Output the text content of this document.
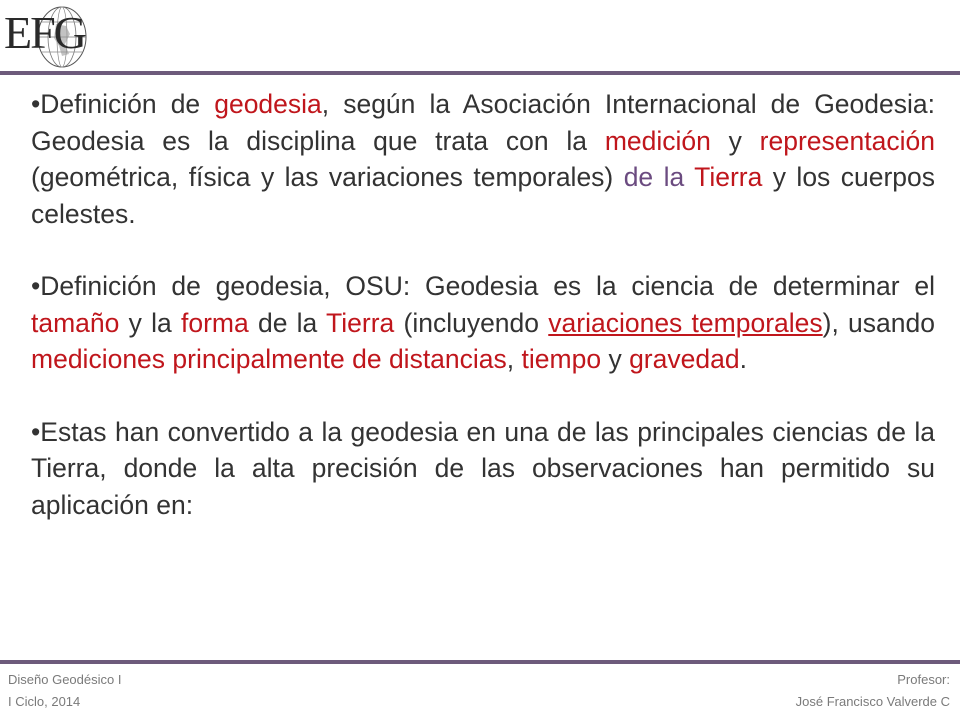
EFG

•Definición de geodesia, según la Asociación Internacional de Geodesia: Geodesia es la disciplina que trata con la medición y representación (geométrica, física y las variaciones temporales) de la Tierra y los cuerpos celestes.

•Definición de geodesia, OSU: Geodesia es la ciencia de determinar el tamaño y la forma de la Tierra (incluyendo variaciones temporales), usando mediciones principalmente de distancias, tiempo y gravedad.

•Estas han convertido a la geodesia en una de las principales ciencias de la Tierra, donde la alta precisión de las observaciones han permitido su aplicación en:

Diseño Geodésico I
I Ciclo, 2014
Profesor:
José Francisco Valverde C
